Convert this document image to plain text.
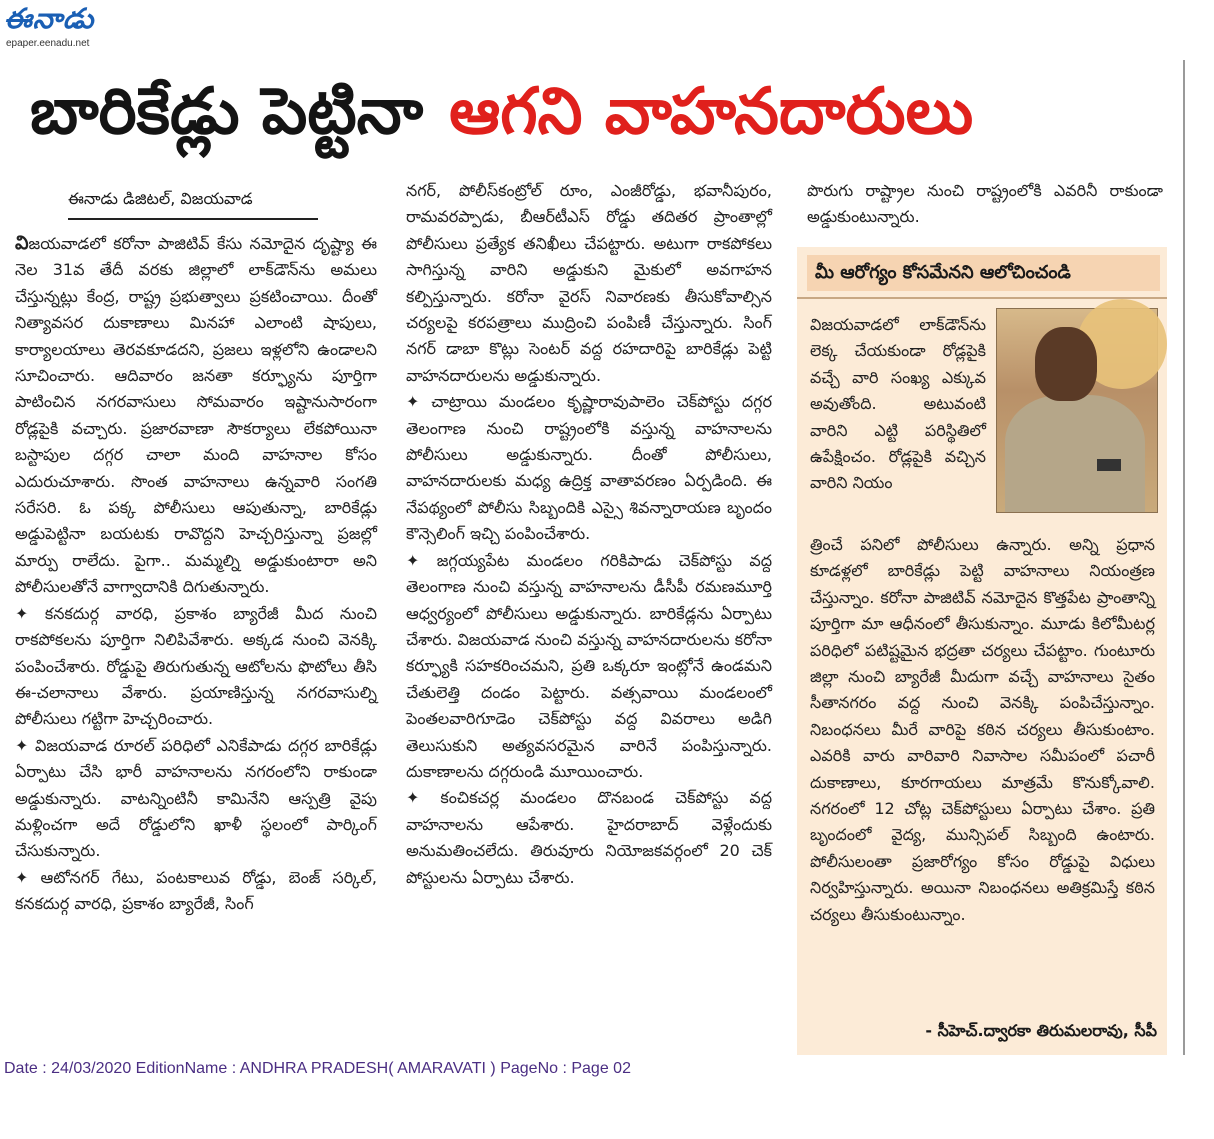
ఈనాడు
epaper.eenadu.net
బారికేడ్లు పెట్టినా ఆగని వాహనదారులు
ఈనాడు డిజిటల్, విజయవాడ

విజయవాడలో కరోనా పాజిటివ్ కేసు నమోదైన దృష్ట్యా ఈ నెల 31వ తేదీ వరకు జిల్లాలో లాక్‌డౌన్‌ను అమలు చేస్తున్నట్లు కేంద్ర, రాష్ట్ర ప్రభుత్వాలు ప్రకటించాయి. దీంతో నిత్యావసర దుకాణాలు మినహా ఎలాంటి షాపులు, కార్యాలయాలు తెరవకూడదని, ప్రజలు ఇళ్లలోని ఉండాలని సూచించారు. ఆదివారం జనతా కర్ఫ్యూను పూర్తిగా పాటించిన నగరవాసులు సోమవారం ఇష్టానుసారంగా రోడ్లపైకి వచ్చారు. ప్రజారవాణా సౌకర్యాలు లేకపోయినా బస్టాపుల దగ్గర చాలా మంది వాహనాల కోసం ఎదురుచూశారు. సొంత వాహనాలు ఉన్నవారి సంగతి సరేసరి. ఓ పక్క పోలీసులు ఆపుతున్నా, బారికేడ్లు అడ్డుపెట్టినా బయటకు రావొద్దని హెచ్చరిస్తున్నా ప్రజల్లో మార్పు రాలేదు. పైగా.. మమ్మల్ని అడ్డుకుంటారా అని పోలీసులతోనే వాగ్వాదానికి దిగుతున్నారు.

✦ కనకదుర్గ వారధి, ప్రకాశం బ్యారేజీ మీద నుంచి రాకపోకలను పూర్తిగా నిలిపివేశారు. అక్కడ నుంచి వెనక్కి పంపించేశారు. రోడ్డుపై తిరుగుతున్న ఆటోలను ఫొటోలు తీసి ఈ-చలానాలు వేశారు. ప్రయాణిస్తున్న నగరవాసుల్ని పోలీసులు గట్టిగా హెచ్చరించారు.

✦ విజయవాడ రూరల్ పరిధిలో ఎనికేపాడు దగ్గర బారికేడ్లు ఏర్పాటు చేసి భారీ వాహనాలను నగరంలోని రాకుండా అడ్డుకున్నారు. వాటన్నింటినీ కామినేని ఆస్పత్రి వైపు మళ్లించగా అదే రోడ్డులోని ఖాళీ స్థలంలో పార్కింగ్ చేసుకున్నారు.

✦ ఆటోనగర్ గేటు, పంటకాలువ రోడ్డు, బెంజ్ సర్కిల్, కనకదుర్గ వారధి, ప్రకాశం బ్యారేజీ, సింగ్

నగర్, పోలీస్‌కంట్రోల్ రూం, ఎంజీరోడ్డు, భవానీపురం, రామవరప్పాడు, బీఆర్‌టీఎస్ రోడ్డు తదితర ప్రాంతాల్లో పోలీసులు ప్రత్యేక తనిఖీలు చేపట్టారు. అటుగా రాకపోకలు సాగిస్తున్న వారిని అడ్డుకుని మైకులో అవగాహన కల్పిస్తున్నారు. కరోనా వైరస్ నివారణకు తీసుకోవాల్సిన చర్యలపై కరపత్రాలు ముద్రించి పంపిణీ చేస్తున్నారు. సింగ్ నగర్ డాబా కొట్లు సెంటర్ వద్ద రహదారిపై బారికేడ్లు పెట్టి వాహనదారులను అడ్డుకున్నారు.

✦ చాట్రాయి మండలం కృష్ణారావుపాలెం చెక్‌పోస్టు దగ్గర తెలంగాణ నుంచి రాష్ట్రంలోకి వస్తున్న వాహనాలను పోలీసులు అడ్డుకున్నారు. దీంతో పోలీసులు, వాహనదారులకు మధ్య ఉద్రిక్త వాతావరణం ఏర్పడింది. ఈ నేపథ్యంలో పోలీసు సిబ్బందికి ఎస్సై శివన్నారాయణ బృందం కౌన్సెలింగ్ ఇచ్చి పంపించేశారు.

✦ జగ్గయ్యపేట మండలం గరికిపాడు చెక్‌పోస్టు వద్ద తెలంగాణ నుంచి వస్తున్న వాహనాలను డీసీపీ రమణమూర్తి ఆధ్వర్యంలో పోలీసులు అడ్డుకున్నారు. బారికేడ్లను ఏర్పాటు చేశారు. విజయవాడ నుంచి వస్తున్న వాహనదారులను కరోనా కర్ఫ్యూకి సహకరించమని, ప్రతి ఒక్కరూ ఇంట్లోనే ఉండమని చేతులెత్తి దండం పెట్టారు. వత్సవాయి మండలంలో పెంతలవారిగూడెం చెక్‌పోస్టు వద్ద వివరాలు అడిగి తెలుసుకుని అత్యవసరమైన వారినే పంపిస్తున్నారు. దుకాణాలను దగ్గరుండి మూయించారు.

✦ కంచికచర్ల మండలం దొనబండ చెక్‌పోస్టు వద్ద వాహనాలను ఆపేశారు. హైదరాబాద్ వెళ్లేందుకు అనుమతించలేదు. తిరువూరు నియోజకవర్గంలో 20 చెక్ పోస్టులను ఏర్పాటు చేశారు.

పొరుగు రాష్ట్రాల నుంచి రాష్ట్రంలోకి ఎవరినీ రాకుండా అడ్డుకుంటున్నారు.

మీ ఆరోగ్యం కోసమేనని ఆలోచించండి
విజయవాడలో లాక్‌డౌన్‌ను లెక్క చేయకుండా రోడ్లపైకి వచ్చే వారి సంఖ్య ఎక్కువ అవుతోంది. అటువంటి వారిని ఎట్టి పరిస్థితిలో ఉపేక్షించం. రోడ్లపైకి వచ్చిన వారిని నియం
త్రించే పనిలో పోలీసులు ఉన్నారు. అన్ని ప్రధాన కూడళ్లలో బారికేడ్లు పెట్టి వాహనాలు నియంత్రణ చేస్తున్నాం. కరోనా పాజిటివ్ నమోదైన కొత్తపేట ప్రాంతాన్ని పూర్తిగా మా ఆధీనంలో తీసుకున్నాం. మూడు కిలోమీటర్ల పరిధిలో పటిష్టమైన భద్రతా చర్యలు చేపట్టాం. గుంటూరు జిల్లా నుంచి బ్యారేజీ మీదుగా వచ్చే వాహనాలు సైతం సీతానగరం వద్ద నుంచి వెనక్కి పంపిచేస్తున్నాం. నిబంధనలు మీరే వారిపై కఠిన చర్యలు తీసుకుంటాం. ఎవరికి వారు వారివారి నివాసాల సమీపంలో పచారీ దుకాణాలు, కూరగాయలు మాత్రమే కొనుక్కోవాలి. నగరంలో 12 చోట్ల చెక్‌పోస్టులు ఏర్పాటు చేశాం. ప్రతి బృందంలో వైద్య, మున్సిపల్ సిబ్బంది ఉంటారు. పోలీసులంతా ప్రజారోగ్యం కోసం రోడ్డుపై విధులు నిర్వహిస్తున్నారు. అయినా నిబంధనలు అతిక్రమిస్తే కఠిన చర్యలు తీసుకుంటున్నాం.
- సీహెచ్.ద్వారకా తిరుమలరావు, సీపీ
Date : 24/03/2020 EditionName : ANDHRA PRADESH( AMARAVATI ) PageNo : Page 02
